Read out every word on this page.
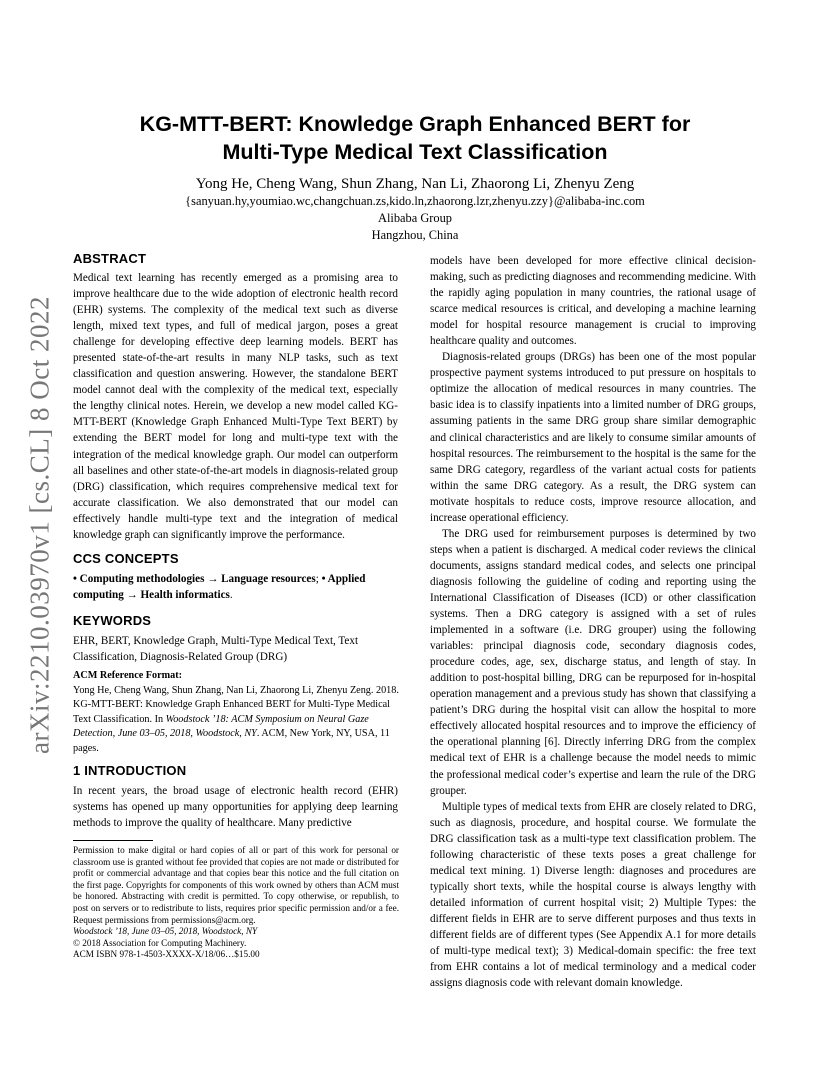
arXiv:2210.03970v1 [cs.CL] 8 Oct 2022
KG-MTT-BERT: Knowledge Graph Enhanced BERT for
Multi-Type Medical Text Classification
Yong He, Cheng Wang, Shun Zhang, Nan Li, Zhaorong Li, Zhenyu Zeng
{sanyuan.hy,youmiao.wc,changchuan.zs,kido.ln,zhaorong.lzr,zhenyu.zzy}@alibaba-inc.com
Alibaba Group
Hangzhou, China
ABSTRACT

Medical text learning has recently emerged as a promising area to improve healthcare due to the wide adoption of electronic health record (EHR) systems. The complexity of the medical text such as diverse length, mixed text types, and full of medical jargon, poses a great challenge for developing effective deep learning models. BERT has presented state-of-the-art results in many NLP tasks, such as text classification and question answering. However, the standalone BERT model cannot deal with the complexity of the medical text, especially the lengthy clinical notes. Herein, we develop a new model called KG-MTT-BERT (Knowledge Graph Enhanced Multi-Type Text BERT) by extending the BERT model for long and multi-type text with the integration of the medical knowledge graph. Our model can outperform all baselines and other state-of-the-art models in diagnosis-related group (DRG) classification, which requires comprehensive medical text for accurate classification. We also demonstrated that our model can effectively handle multi-type text and the integration of medical knowledge graph can significantly improve the performance.

CCS CONCEPTS
• Computing methodologies → Language resources; • Applied computing → Health informatics.
KEYWORDS

EHR, BERT, Knowledge Graph, Multi-Type Medical Text, Text Classification, Diagnosis-Related Group (DRG)

ACM Reference Format:

Yong He, Cheng Wang, Shun Zhang, Nan Li, Zhaorong Li, Zhenyu Zeng. 2018. KG-MTT-BERT: Knowledge Graph Enhanced BERT for Multi-Type Medical Text Classification. In Woodstock ’18: ACM Symposium on Neural Gaze Detection, June 03–05, 2018, Woodstock, NY. ACM, New York, NY, USA, 11 pages.

1 INTRODUCTION

In recent years, the broad usage of electronic health record (EHR) systems has opened up many opportunities for applying deep learning methods to improve the quality of healthcare. Many predictive

Permission to make digital or hard copies of all or part of this work for personal or classroom use is granted without fee provided that copies are not made or distributed for profit or commercial advantage and that copies bear this notice and the full citation on the first page. Copyrights for components of this work owned by others than ACM must be honored. Abstracting with credit is permitted. To copy otherwise, or republish, to post on servers or to redistribute to lists, requires prior specific permission and/or a fee. Request permissions from permissions@acm.org.

Woodstock ’18, June 03–05, 2018, Woodstock, NY

© 2018 Association for Computing Machinery.

ACM ISBN 978-1-4503-XXXX-X/18/06…$15.00

models have been developed for more effective clinical decision-making, such as predicting diagnoses and recommending medicine. With the rapidly aging population in many countries, the rational usage of scarce medical resources is critical, and developing a machine learning model for hospital resource management is crucial to improving healthcare quality and outcomes.

Diagnosis-related groups (DRGs) has been one of the most popular prospective payment systems introduced to put pressure on hospitals to optimize the allocation of medical resources in many countries. The basic idea is to classify inpatients into a limited number of DRG groups, assuming patients in the same DRG group share similar demographic and clinical characteristics and are likely to consume similar amounts of hospital resources. The reimbursement to the hospital is the same for the same DRG category, regardless of the variant actual costs for patients within the same DRG category. As a result, the DRG system can motivate hospitals to reduce costs, improve resource allocation, and increase operational efficiency.

The DRG used for reimbursement purposes is determined by two steps when a patient is discharged. A medical coder reviews the clinical documents, assigns standard medical codes, and selects one principal diagnosis following the guideline of coding and reporting using the International Classification of Diseases (ICD) or other classification systems. Then a DRG category is assigned with a set of rules implemented in a software (i.e. DRG grouper) using the following variables: principal diagnosis code, secondary diagnosis codes, procedure codes, age, sex, discharge status, and length of stay. In addition to post-hospital billing, DRG can be repurposed for in-hospital operation management and a previous study has shown that classifying a patient’s DRG during the hospital visit can allow the hospital to more effectively allocated hospital resources and to improve the efficiency of the operational planning [6]. Directly inferring DRG from the complex medical text of EHR is a challenge because the model needs to mimic the professional medical coder’s expertise and learn the rule of the DRG grouper.

Multiple types of medical texts from EHR are closely related to DRG, such as diagnosis, procedure, and hospital course. We formulate the DRG classification task as a multi-type text classification problem. The following characteristic of these texts poses a great challenge for medical text mining. 1) Diverse length: diagnoses and procedures are typically short texts, while the hospital course is always lengthy with detailed information of current hospital visit; 2) Multiple Types: the different fields in EHR are to serve different purposes and thus texts in different fields are of different types (See Appendix A.1 for more details of multi-type medical text); 3) Medical-domain specific: the free text from EHR contains a lot of medical terminology and a medical coder assigns diagnosis code with relevant domain knowledge.
